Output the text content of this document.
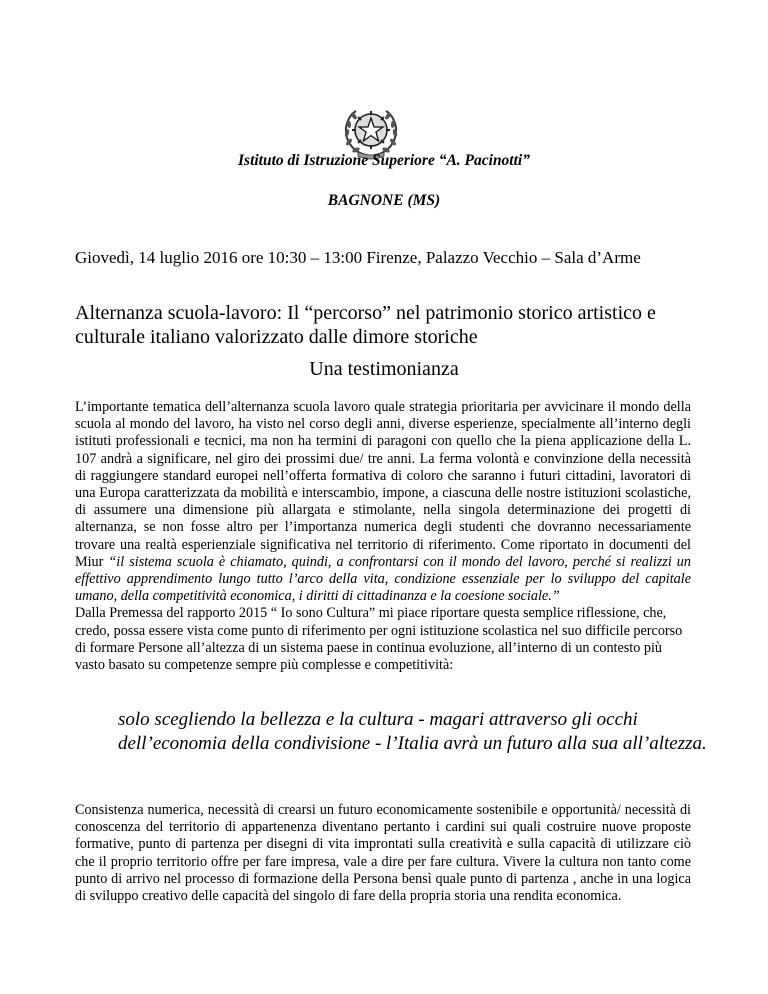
Istituto di Istruzione Superiore “A. Pacinotti”
BAGNONE (MS)
Giovedì, 14 luglio 2016 ore 10:30 – 13:00 Firenze, Palazzo Vecchio – Sala d’Arme
Alternanza scuola-lavoro: Il “percorso” nel patrimonio storico artistico e culturale italiano valorizzato dalle dimore storiche
Una testimonianza
L’importante tematica dell’alternanza scuola lavoro quale strategia prioritaria per avvicinare il mondo della scuola al mondo del lavoro, ha visto nel corso degli anni, diverse esperienze, specialmente all’interno degli istituti professionali e tecnici, ma non ha termini di paragoni con quello che la piena applicazione della L. 107 andrà a significare, nel giro dei prossimi due/ tre anni. La ferma volontà e convinzione della necessità di raggiungere standard europei nell’offerta formativa di coloro che saranno i futuri cittadini, lavoratori di una Europa caratterizzata da mobilità e interscambio, impone, a ciascuna delle nostre istituzioni scolastiche, di assumere una dimensione più allargata e stimolante, nella singola determinazione dei progetti di alternanza, se non fosse altro per l’importanza numerica degli studenti che dovranno necessariamente trovare una realtà esperienziale significativa nel territorio di riferimento. Come riportato in documenti del Miur “il sistema scuola è chiamato, quindi, a confrontarsi con il mondo del lavoro, perché si realizzi un effettivo apprendimento lungo tutto l’arco della vita, condizione essenziale per lo sviluppo del capitale umano, della competitività economica, i diritti di cittadinanza e la coesione sociale.”

Dalla Premessa del rapporto 2015 “ Io sono Cultura” mi piace riportare questa semplice riflessione, che, credo, possa essere vista come punto di riferimento per ogni istituzione scolastica nel suo difficile percorso di formare Persone all’altezza di un sistema paese in continua evoluzione, all’interno di un contesto più vasto basato su competenze sempre più complesse e competitività:
solo scegliendo la bellezza e la cultura - magari attraverso gli occhi dell’economia della condivisione - l’Italia avrà un futuro alla sua all’altezza.
Consistenza numerica, necessità di crearsi un futuro economicamente sostenibile e opportunità/ necessità di conoscenza del territorio di appartenenza diventano pertanto i cardini sui quali costruire nuove proposte formative, punto di partenza per disegni di vita improntati sulla creatività e sulla capacità di utilizzare ciò che il proprio territorio offre per fare impresa, vale a dire per fare cultura. Vivere la cultura non tanto come punto di arrivo nel processo di formazione della Persona bensì quale punto di partenza , anche in una logica di sviluppo creativo delle capacità del singolo di fare della propria storia una rendita economica.
